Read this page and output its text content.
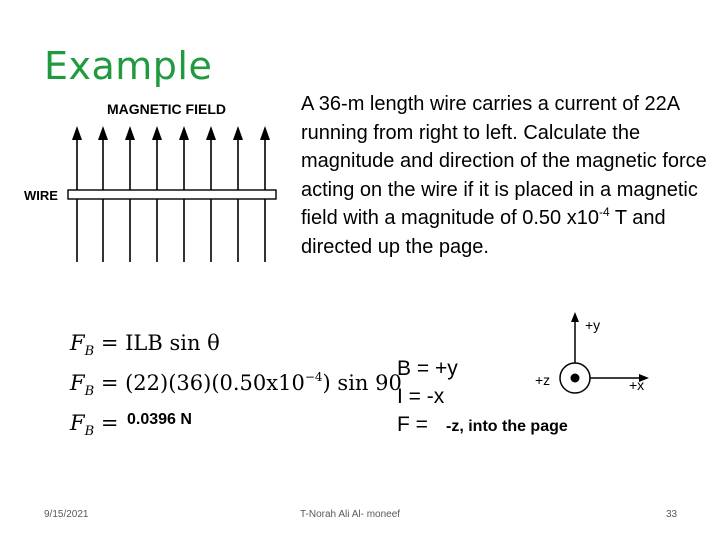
Example
MAGNETIC FIELD
WIRE
A 36-m length wire carries a current of 22A running from right to left. Calculate the magnitude and direction of the magnetic force acting on the wire if it is placed in a magnetic field with a magnitude of 0.50 $x10^{-4}$ T and directed up the page.
$F_B$ = ILB sin θ
$F_B = (22)(36)(0.50x10^{-4})$ sin 90
$F_B = 0.0396$ N
B = +y
I = -x
F = -z, into the page
+y
+x
+z
9/15/2021	T-Norah Ali Al- moneef	33
